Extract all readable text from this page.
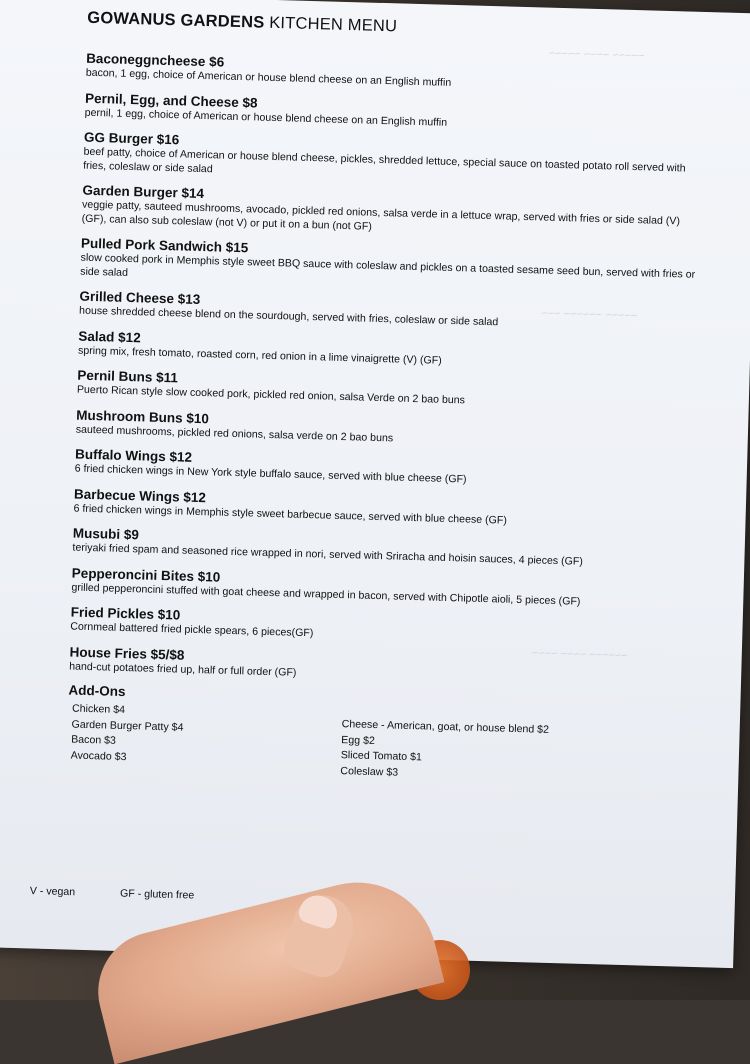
~~~~~ ~~~~ ~~~~~
~~~~~ ~~~~~~ ~~~
~~~~~~ ~~~~ ~~~~
GOWANUS GARDENS KITCHEN MENU
Baconeggncheese $6
bacon, 1 egg, choice of American or house blend cheese on an English muffin
Pernil, Egg, and Cheese $8
pernil, 1 egg, choice of American or house blend cheese on an English muffin
GG Burger $16
beef patty, choice of American or house blend cheese, pickles, shredded lettuce, special sauce on toasted potato roll served with fries, coleslaw or side salad
Garden Burger $14
veggie patty, sauteed mushrooms, avocado, pickled red onions, salsa verde in a lettuce wrap, served with fries or side salad (V) (GF), can also sub coleslaw (not V) or put it on a bun (not GF)
Pulled Pork Sandwich $15
slow cooked pork in Memphis style sweet BBQ sauce with coleslaw and pickles on a toasted sesame seed bun, served with fries or side salad
Grilled Cheese $13
house shredded cheese blend on the sourdough, served with fries, coleslaw or side salad
Salad $12
spring mix, fresh tomato, roasted corn, red onion in a lime vinaigrette (V) (GF)
Pernil Buns $11
Puerto Rican style slow cooked pork, pickled red onion, salsa Verde on 2 bao buns
Mushroom Buns $10
sauteed mushrooms, pickled red onions, salsa verde on 2 bao buns
Buffalo Wings $12
6 fried chicken wings in New York style buffalo sauce, served with blue cheese (GF)
Barbecue Wings $12
6 fried chicken wings in Memphis style sweet barbecue sauce, served with blue cheese (GF)
Musubi $9
teriyaki fried spam and seasoned rice wrapped in nori, served with Sriracha and hoisin sauces, 4 pieces (GF)
Pepperoncini Bites $10
grilled pepperoncini stuffed with goat cheese and wrapped in bacon, served with Chipotle aioli, 5 pieces (GF)
Fried Pickles $10
Cornmeal battered fried pickle spears, 6 pieces(GF)
House Fries $5/$8
hand-cut potatoes fried up, half or full order (GF)
Add-Ons
Chicken $4
Garden Burger Patty $4
Bacon $3
Avocado $3
Cheese - American, goat, or house blend $2
Egg $2
Sliced Tomato $1
Coleslaw $3
V - vegan	GF - gluten free
